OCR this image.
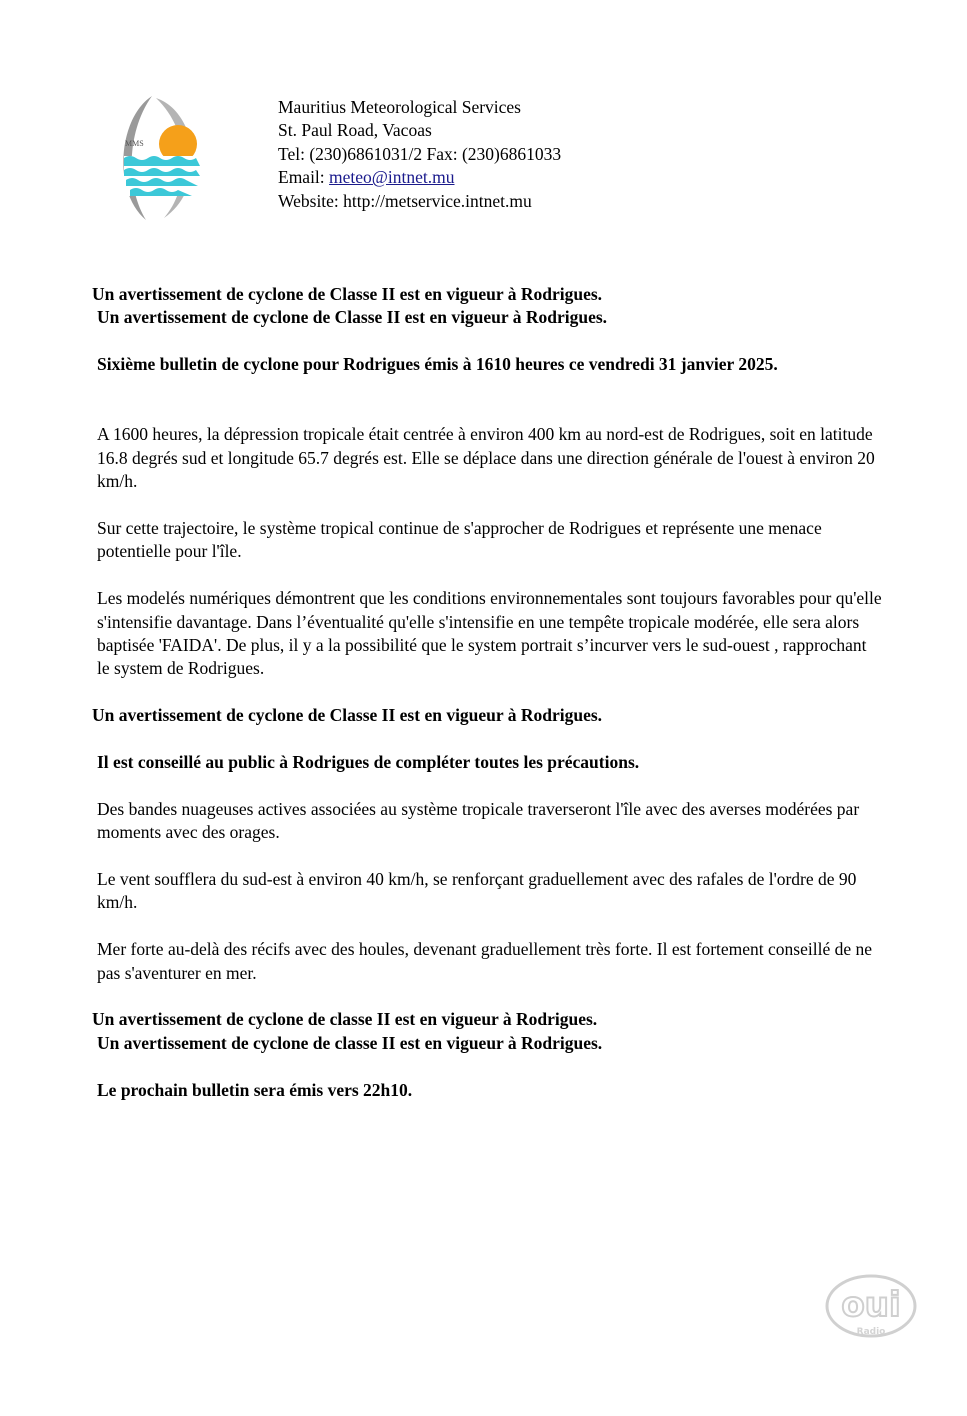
MMS
Mauritius Meteorological Services
St. Paul Road, Vacoas
Tel: (230)6861031/2 Fax: (230)6861033
Email: meteo@intnet.mu
Website: http://metservice.intnet.mu

Un avertissement de cyclone de Classe II est en vigueur à Rodrigues.

Un avertissement de cyclone de Classe II est en vigueur à Rodrigues.

Sixième bulletin de cyclone pour Rodrigues émis à 1610 heures ce vendredi 31 janvier 2025.

A 1600 heures, la dépression tropicale était centrée à environ 400 km au nord-est de Rodrigues, soit en latitude 16.8 degrés sud et longitude 65.7 degrés est. Elle se déplace dans une direction générale de l'ouest à environ 20 km/h.

Sur cette trajectoire, le système tropical continue de s'approcher de Rodrigues et représente une menace potentielle pour l'île.

Les modelés numériques démontrent que les conditions environnementales sont toujours favorables pour qu'elle s'intensifie davantage. Dans l’éventualité qu'elle s'intensifie en une tempête tropicale modérée, elle sera alors baptisée 'FAIDA'. De plus, il y a la possibilité que le system portrait s’incurver vers le sud-ouest , rapprochant le system de Rodrigues.

Un avertissement de cyclone de Classe II est en vigueur à Rodrigues.

Il est conseillé au public à Rodrigues de compléter toutes les précautions.

Des bandes nuageuses actives associées au système tropicale traverseront l'île avec des averses modérées par moments avec des orages.

Le vent soufflera du sud-est à environ 40 km/h, se renforçant graduellement avec des rafales de l'ordre de 90 km/h.

Mer forte au-delà des récifs avec des houles, devenant graduellement très forte. Il est fortement conseillé de ne pas s'aventurer en mer.

Un avertissement de cyclone de classe II est en vigueur à Rodrigues.

Un avertissement de cyclone de classe II est en vigueur à Rodrigues.

Le prochain bulletin sera émis vers 22h10.

oui
Radio
